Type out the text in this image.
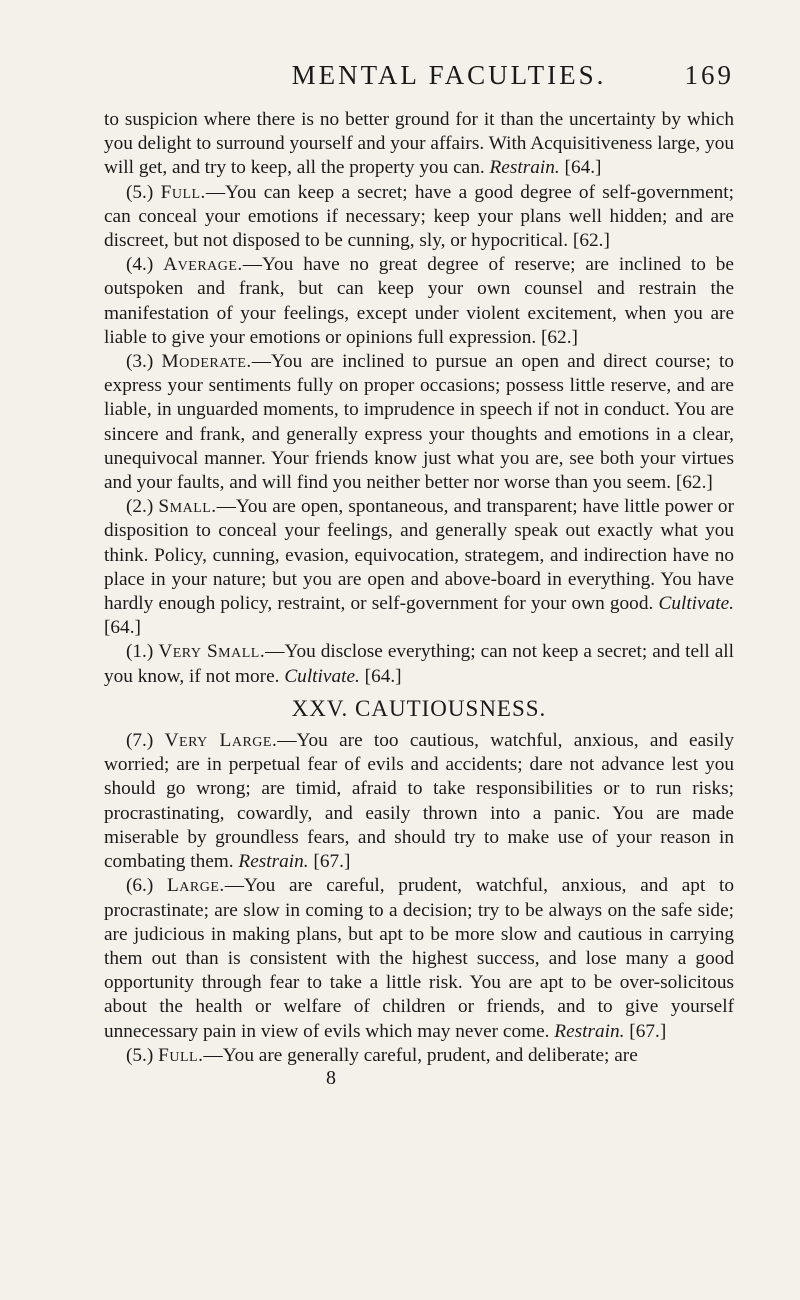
MENTAL FACULTIES.	169

to suspicion where there is no better ground for it than the uncertainty by which you delight to surround yourself and your affairs. With Acquisitiveness large, you will get, and try to keep, all the property you can. Restrain. [64.]

(5.) Full.—You can keep a secret; have a good degree of self-government; can conceal your emotions if necessary; keep your plans well hidden; and are discreet, but not disposed to be cunning, sly, or hypocritical. [62.]

(4.) Average.—You have no great degree of reserve; are inclined to be outspoken and frank, but can keep your own counsel and restrain the manifestation of your feelings, except under violent excitement, when you are liable to give your emotions or opinions full expression. [62.]

(3.) Moderate.—You are inclined to pursue an open and direct course; to express your sentiments fully on proper occasions; possess little reserve, and are liable, in unguarded moments, to imprudence in speech if not in conduct. You are sincere and frank, and generally express your thoughts and emotions in a clear, unequivocal manner. Your friends know just what you are, see both your virtues and your faults, and will find you neither better nor worse than you seem. [62.]

(2.) Small.—You are open, spontaneous, and transparent; have little power or disposition to conceal your feelings, and generally speak out exactly what you think. Policy, cunning, evasion, equivocation, strategem, and indirection have no place in your nature; but you are open and above-board in everything. You have hardly enough policy, restraint, or self-government for your own good. Cultivate. [64.]

(1.) Very Small.—You disclose everything; can not keep a secret; and tell all you know, if not more. Cultivate. [64.]

XXV. CAUTIOUSNESS.

(7.) Very Large.—You are too cautious, watchful, anxious, and easily worried; are in perpetual fear of evils and accidents; dare not advance lest you should go wrong; are timid, afraid to take responsibilities or to run risks; procrastinating, cowardly, and easily thrown into a panic. You are made miserable by groundless fears, and should try to make use of your reason in combating them. Restrain. [67.]

(6.) Large.—You are careful, prudent, watchful, anxious, and apt to procrastinate; are slow in coming to a decision; try to be always on the safe side; are judicious in making plans, but apt to be more slow and cautious in carrying them out than is consistent with the highest success, and lose many a good opportunity through fear to take a little risk. You are apt to be over-solicitous about the health or welfare of children or friends, and to give yourself unnecessary pain in view of evils which may never come. Restrain. [67.]

(5.) Full.—You are generally careful, prudent, and deliberate; are

8
